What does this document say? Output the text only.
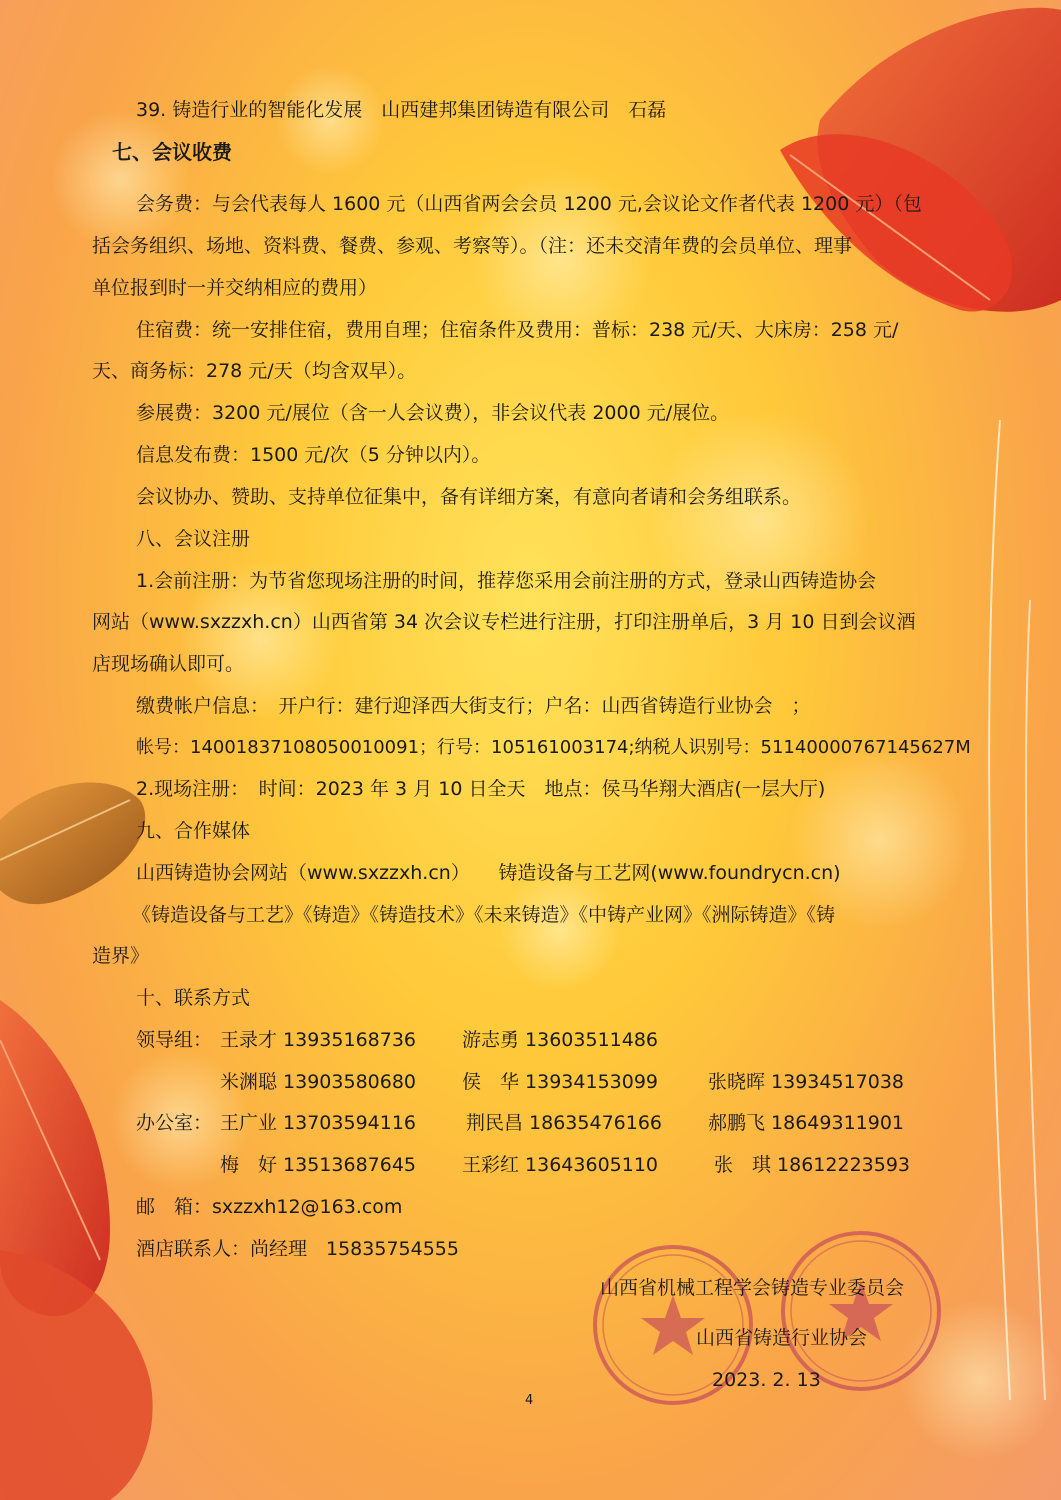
39. 铸造行业的智能化发展　山西建邦集团铸造有限公司　石磊
七、会议收费
会务费：与会代表每人 1600 元（山西省两会会员 1200 元,会议论文作者代表 1200 元）（包
括会务组织、场地、资料费、餐费、参观、考察等）。（注：还未交清年费的会员单位、理事
单位报到时一并交纳相应的费用）
住宿费：统一安排住宿，费用自理；住宿条件及费用：普标：238 元/天、大床房：258 元/
天、商务标：278 元/天（均含双早）。
参展费：3200 元/展位（含一人会议费），非会议代表 2000 元/展位。
信息发布费：1500 元/次（5 分钟以内）。
会议协办、赞助、支持单位征集中，备有详细方案，有意向者请和会务组联系。
八、会议注册
1.会前注册：为节省您现场注册的时间，推荐您采用会前注册的方式，登录山西铸造协会
网站（www.sxzzxh.cn）山西省第 34 次会议专栏进行注册，打印注册单后，3 月 10 日到会议酒
店现场确认即可。
缴费帐户信息：　开户行：建行迎泽西大街支行；户名：山西省铸造行业协会　；
帐号：14001837108050010091；行号：105161003174;纳税人识别号：51140000767145627M
2.现场注册：　时间：2023 年 3 月 10 日全天　地点：侯马华翔大酒店(一层大厅)
九、合作媒体
山西铸造协会网站（www.sxzzxh.cn）　　铸造设备与工艺网(www.foundrycn.cn)
《铸造设备与工艺》《铸造》《铸造技术》《未来铸造》《中铸产业网》《洲际铸造》《铸
造界》
十、联系方式
领导组： 王录才 13935168736 游志勇 13603511486
米渊聪 13903580680 侯　华 13934153099	张晓晖 13934517038
办公室： 王广业 13703594116	荆民昌 18635476166 郝鹏飞 18649311901
梅　好 13513687645 王彩红 13643605110	张　琪 18612223593
邮　箱：sxzzxh12@163.com
酒店联系人：尚经理　15835754555
山西省机械工程学会铸造专业委员会
山西省铸造行业协会
2023. 2. 13
4
